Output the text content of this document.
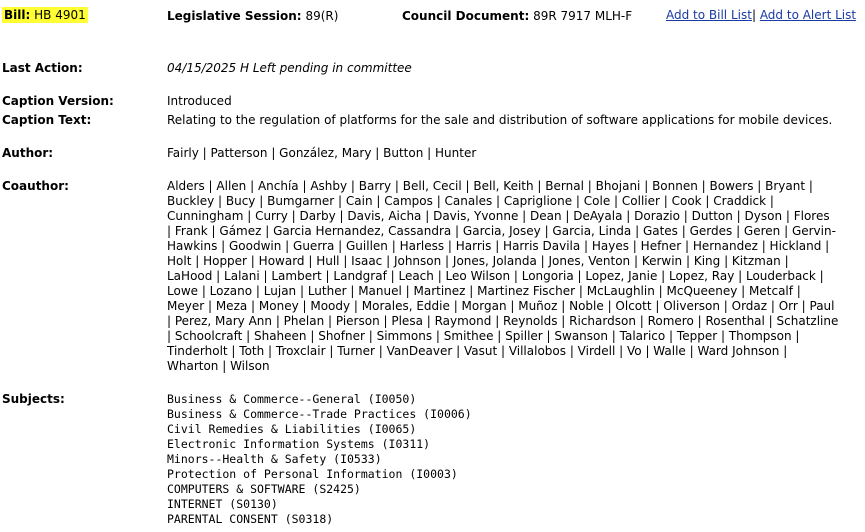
Bill: HB 4901	Legislative Session: 89(R)	Council Document: 89R 7917 MLH-F	Add to Bill List| Add to Alert List
Last Action:	04/15/2025 H Left pending in committee
Caption Version:	Introduced
Caption Text:	Relating to the regulation of platforms for the sale and distribution of software applications for mobile devices.
Author:	Fairly | Patterson | González, Mary | Button | Hunter
Coauthor:	Alders | Allen | Anchía | Ashby | Barry | Bell, Cecil | Bell, Keith | Bernal | Bhojani | Bonnen | Bowers | Bryant |
Buckley | Bucy | Bumgarner | Cain | Campos | Canales | Capriglione | Cole | Collier | Cook | Craddick |
Cunningham | Curry | Darby | Davis, Aicha | Davis, Yvonne | Dean | DeAyala | Dorazio | Dutton | Dyson | Flores
| Frank | Gámez | Garcia Hernandez, Cassandra | Garcia, Josey | Garcia, Linda | Gates | Gerdes | Geren | Gervin-
Hawkins | Goodwin | Guerra | Guillen | Harless | Harris | Harris Davila | Hayes | Hefner | Hernandez | Hickland |
Holt | Hopper | Howard | Hull | Isaac | Johnson | Jones, Jolanda | Jones, Venton | Kerwin | King | Kitzman |
LaHood | Lalani | Lambert | Landgraf | Leach | Leo Wilson | Longoria | Lopez, Janie | Lopez, Ray | Louderback |
Lowe | Lozano | Lujan | Luther | Manuel | Martinez | Martinez Fischer | McLaughlin | McQueeney | Metcalf |
Meyer | Meza | Money | Moody | Morales, Eddie | Morgan | Muñoz | Noble | Olcott | Oliverson | Ordaz | Orr | Paul
| Perez, Mary Ann | Phelan | Pierson | Plesa | Raymond | Reynolds | Richardson | Romero | Rosenthal | Schatzline
| Schoolcraft | Shaheen | Shofner | Simmons | Smithee | Spiller | Swanson | Talarico | Tepper | Thompson |
Tinderholt | Toth | Troxclair | Turner | VanDeaver | Vasut | Villalobos | Virdell | Vo | Walle | Ward Johnson |
Wharton | Wilson
Subjects:	Business & Commerce--General (I0050)
Business & Commerce--Trade Practices (I0006)
Civil Remedies & Liabilities (I0065)
Electronic Information Systems (I0311)
Minors--Health & Safety (I0533)
Protection of Personal Information (I0003)
COMPUTERS & SOFTWARE (S2425)
INTERNET (S0130)
PARENTAL CONSENT (S0318)
